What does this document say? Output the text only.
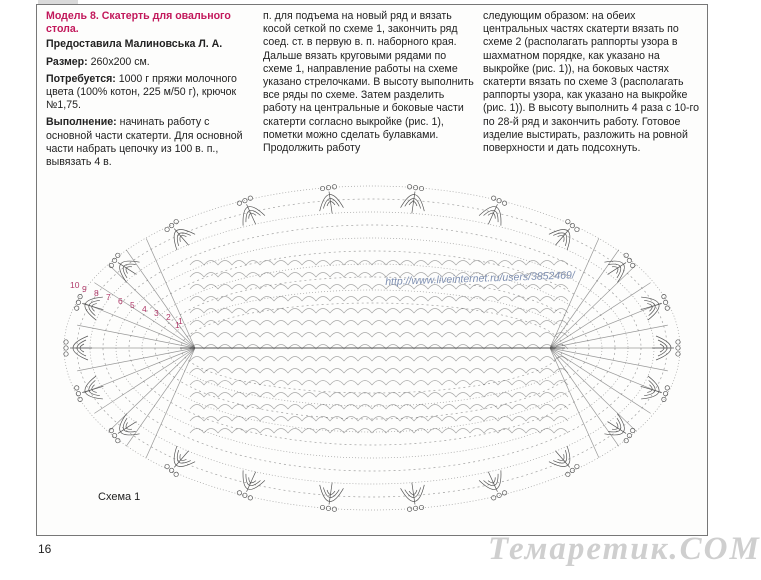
Модель 8. Скатерть для овального стола.
Предоставила Малиновська Л. А.
Размер: 260х200 см.
Потребуется: 1000 г пряжи молочного цвета (100% котон, 225 м/50 г), крючок №1,75.
Выполнение: начинать работу с основной части скатерти. Для основной части набрать цепочку из 100 в. п., вывязать 4 в.
п. для подъема на новый ряд и вязать косой сеткой по схеме 1, закончить ряд соед. ст. в первую в. п. наборного края. Дальше вязать круговыми рядами по схеме 1, направление работы на схеме указано стрелочками. В высоту выполнить все ряды по схеме. Затем разделить работу на центральные и боковые части скатерти согласно выкройке (рис. 1), пометки можно сделать булавками. Продолжить работу
следующим образом: на обеих центральных частях скатерти вязать по схеме 2 (располагать раппорты узора в шахматном порядке, как указано на выкройке (рис. 1)), на боковых частях скатерти вязать по схеме 3 (располагать раппорты узора, как указано на выкройке (рис. 1)). В высоту выполнить 4 раза с 10-го по 28-й ряд и закончить работу. Готовое изделие выстирать, разложить на ровной поверхности и дать подсохнуть.
10 9 8 7 6 5 4 3 2 1
1
http://www.liveinternet.ru/users/3852469/
Схема 1
16	Темаретик.СОМ
